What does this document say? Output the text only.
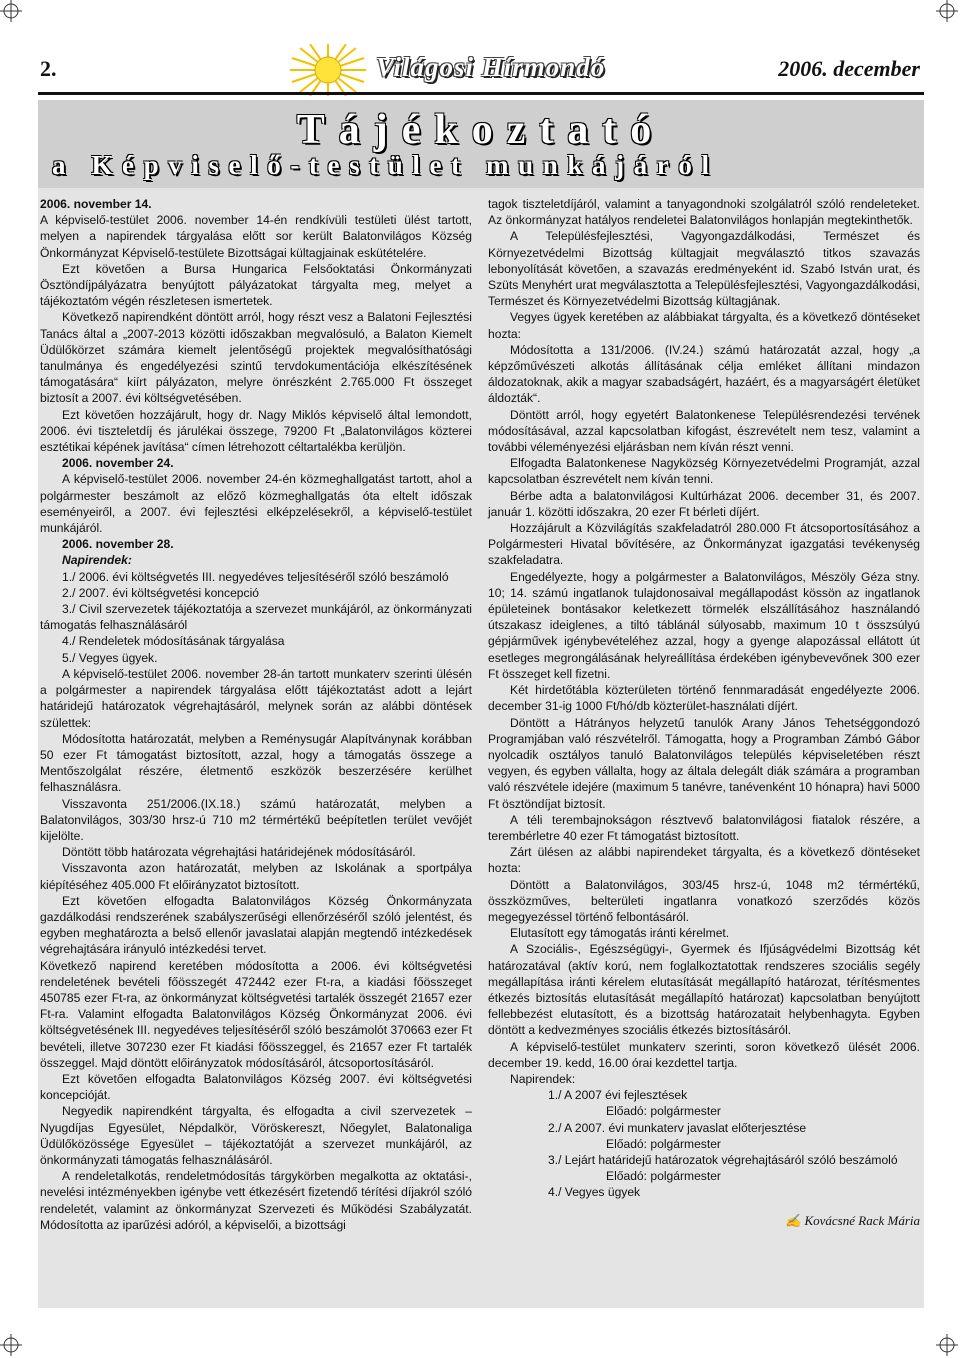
2.	Világosi Hírmondó	2006. december
Tájékoztató
a Képviselő-testület munkájáról

2006. november 14.

A képviselő-testület 2006. november 14-én rendkívüli testületi ülést tartott, melyen a napirendek tárgyalása előtt sor került Balatonvilágos Község Önkormányzat Képviselő-testülete Bizottságai kültagjainak eskütételére.

Ezt követően a Bursa Hungarica Felsőoktatási Önkormányzati Ösztöndíjpályázatra benyújtott pályázatokat tárgyalta meg, melyet a tájékoztatóm végén részletesen ismertetek.

Következő napirendként döntött arról, hogy részt vesz a Balatoni Fejlesztési Tanács által a „2007-2013 közötti időszakban megvalósuló, a Balaton Kiemelt Üdülőkörzet számára kiemelt jelentőségű projektek megvalósíthatósági tanulmánya és engedélyezési szintű tervdokumentációja elkészítésének támogatására“ kiírt pályázaton, melyre önrészként 2.765.000 Ft összeget biztosít a 2007. évi költségvetésében.

Ezt követően hozzájárult, hogy dr. Nagy Miklós képviselő által lemondott, 2006. évi tiszteletdíj és járulékai összege, 79200 Ft „Balatonvilágos közterei esztétikai képének javítása“ címen létrehozott céltartalékba kerüljön.

2006. november 24.

A képviselő-testület 2006. november 24-én közmeghallgatást tartott, ahol a polgármester beszámolt az előző közmeghallgatás óta eltelt időszak eseményeiről, a 2007. évi fejlesztési elképzelésekről, a képviselő-testület munkájáról.

2006. november 28.

Napirendek:

1./ 2006. évi költségvetés III. negyedéves teljesítéséről szóló beszámoló

2./ 2007. évi költségvetési koncepció

3./ Civil szervezetek tájékoztatója a szervezet munkájáról, az önkormányzati támogatás felhasználásáról

4./ Rendeletek módosításának tárgyalása

5./ Vegyes ügyek.

A képviselő-testület 2006. november 28-án tartott munkaterv szerinti ülésén a polgármester a napirendek tárgyalása előtt tájékoztatást adott a lejárt határidejű határozatok végrehajtásáról, melynek során az alábbi döntések születtek:

Módosította határozatát, melyben a Reménysugár Alapítványnak korábban 50 ezer Ft támogatást biztosított, azzal, hogy a támogatás összege a Mentőszolgálat részére, életmentő eszközök beszerzésére kerülhet felhasználásra.

Visszavonta 251/2006.(IX.18.) számú határozatát, melyben a Balatonvilágos, 303/30 hrsz-ú 710 m2 térmértékű beépítetlen terület vevőjét kijelölte.

Döntött több határozata végrehajtási határidejének módosításáról.

Visszavonta azon határozatát, melyben az Iskolának a sportpálya kiépítéséhez 405.000 Ft előirányzatot biztosított.

Ezt követően elfogadta Balatonvilágos Község Önkormányzata gazdálkodási rendszerének szabályszerűségi ellenőrzéséről szóló jelentést, és egyben meghatározta a belső ellenőr javaslatai alapján megtendő intézkedések végrehajtására irányuló intézkedési tervet.

Következő napirend keretében módosította a 2006. évi költségvetési rendeletének bevételi főösszegét 472442 ezer Ft-ra, a kiadási főösszeget 450785 ezer Ft-ra, az önkormányzat költségvetési tartalék összegét 21657 ezer Ft-ra. Valamint elfogadta Balatonvilágos Község Önkormányzat 2006. évi költségvetésének III. negyedéves teljesítéséről szóló beszámolót 370663 ezer Ft bevételi, illetve 307230 ezer Ft kiadási főösszeggel, és 21657 ezer Ft tartalék összeggel. Majd döntött előirányzatok módosításáról, átcsoportosításáról.

Ezt követően elfogadta Balatonvilágos Község 2007. évi költségvetési koncepcióját.

Negyedik napirendként tárgyalta, és elfogadta a civil szervezetek – Nyugdíjas Egyesület, Népdalkör, Vöröskereszt, Nőegylet, Balatonaliga Üdülőközössége Egyesület – tájékoztatóját a szervezet munkájáról, az önkormányzati támogatás felhasználásáról.

A rendeletalkotás, rendeletmódosítás tárgykörben megalkotta az oktatási-, nevelési intézményekben igénybe vett étkezésért fizetendő térítési díjakról szóló rendeletét, valamint az önkormányzat Szervezeti és Működési Szabályzatát. Módosította az iparűzési adóról, a képviselői, a bizottsági

tagok tiszteletdíjáról, valamint a tanyagondnoki szolgálatról szóló rendeleteket. Az önkormányzat hatályos rendeletei Balatonvilágos honlapján megtekinthetők.

A Településfejlesztési, Vagyongazdálkodási, Természet és Környezetvédelmi Bizottság kültagjait megválasztó titkos szavazás lebonyolítását követően, a szavazás eredményeként id. Szabó István urat, és Szüts Menyhért urat megválasztotta a Településfejlesztési, Vagyongazdálkodási, Természet és Környezetvédelmi Bizottság kültagjának.

Vegyes ügyek keretében az alábbiakat tárgyalta, és a következő döntéseket hozta:

Módosította a 131/2006. (IV.24.) számú határozatát azzal, hogy „a képzőművészeti alkotás állításának célja emléket állítani mindazon áldozatoknak, akik a magyar szabadságért, hazáért, és a magyarságért életüket áldozták“.

Döntött arról, hogy egyetért Balatonkenese Településrendezési tervének módosításával, azzal kapcsolatban kifogást, észrevételt nem tesz, valamint a további véleményezési eljárásban nem kíván részt venni.

Elfogadta Balatonkenese Nagyközség Környezetvédelmi Programját, azzal kapcsolatban észrevételt nem kíván tenni.

Bérbe adta a balatonvilágosi Kultúrházat 2006. december 31, és 2007. január 1. közötti időszakra, 20 ezer Ft bérleti díjért.

Hozzájárult a Közvilágítás szakfeladatról 280.000 Ft átcsoportosításához a Polgármesteri Hivatal bővítésére, az Önkormányzat igazgatási tevékenység szakfeladatra.

Engedélyezte, hogy a polgármester a Balatonvilágos, Mészöly Géza stny. 10; 14. számú ingatlanok tulajdonosaival megállapodást kössön az ingatlanok épületeinek bontásakor keletkezett törmelék elszállításához használandó útszakasz ideiglenes, a tiltó táblánál súlyosabb, maximum 10 t összsúlyú gépjárművek igénybevételéhez azzal, hogy a gyenge alapozással ellátott út esetleges megrongálásának helyreállítása érdekében igénybevevőnek 300 ezer Ft összeget kell fizetni.

Két hirdetőtábla közterületen történő fennmaradását engedélyezte 2006. december 31-ig 1000 Ft/hó/db közterület-használati díjért.

Döntött a Hátrányos helyzetű tanulók Arany János Tehetséggondozó Programjában való részvételről. Támogatta, hogy a Programban Zámbó Gábor nyolcadik osztályos tanuló Balatonvilágos település képviseletében részt vegyen, és egyben vállalta, hogy az általa delegált diák számára a programban való részvétele idejére (maximum 5 tanévre, tanévenként 10 hónapra) havi 5000 Ft ösztöndíjat biztosít.

A téli terembajnokságon résztvevő balatonvilágosi fiatalok részére, a terembérletre 40 ezer Ft támogatást biztosított.

Zárt ülésen az alábbi napirendeket tárgyalta, és a következő döntéseket hozta:

Döntött a Balatonvilágos, 303/45 hrsz-ú, 1048 m2 térmértékű, összközműves, belterületi ingatlanra vonatkozó szerződés közös megegyezéssel történő felbontásáról.

Elutasított egy támogatás iránti kérelmet.

A Szociális-, Egészségügyi-, Gyermek és Ifjúságvédelmi Bizottság két határozatával (aktív korú, nem foglalkoztatottak rendszeres szociális segély megállapítása iránti kérelem elutasítását megállapító határozat, térítésmentes étkezés biztosítás elutasítását megállapító határozat) kapcsolatban benyújtott fellebbezést elutasított, és a bizottság határozatait helybenhagyta. Egyben döntött a kedvezményes szociális étkezés biztosításáról.

A képviselő-testület munkaterv szerinti, soron következő ülését 2006. december 19. kedd, 16.00 órai kezdettel tartja.

Napirendek:

1./ A 2007 évi fejlesztések

Előadó: polgármester

2./ A 2007. évi munkaterv javaslat előterjesztése

Előadó: polgármester

3./ Lejárt határidejű határozatok végrehajtásáról szóló beszámoló

Előadó: polgármester

4./ Vegyes ügyek

✍ Kovácsné Rack Mária
